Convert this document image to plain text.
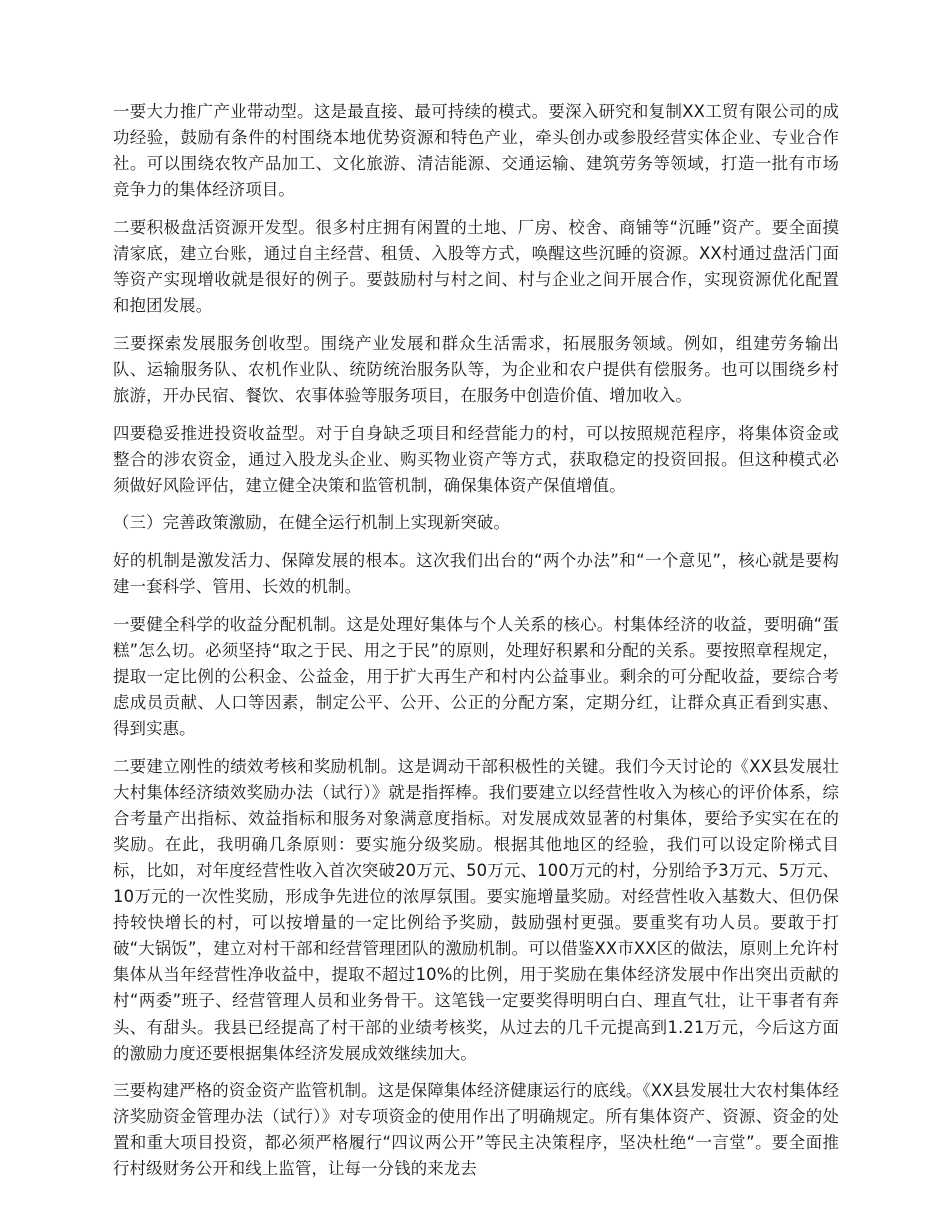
一要大力推广产业带动型。这是最直接、最可持续的模式。要深入研究和复制XX工贸有限公司的成功经验，鼓励有条件的村围绕本地优势资源和特色产业，牵头创办或参股经营实体企业、专业合作社。可以围绕农牧产品加工、文化旅游、清洁能源、交通运输、建筑劳务等领域，打造一批有市场竞争力的集体经济项目。

二要积极盘活资源开发型。很多村庄拥有闲置的土地、厂房、校舍、商铺等“沉睡”资产。要全面摸清家底，建立台账，通过自主经营、租赁、入股等方式，唤醒这些沉睡的资源。XX村通过盘活门面等资产实现增收就是很好的例子。要鼓励村与村之间、村与企业之间开展合作，实现资源优化配置和抱团发展。

三要探索发展服务创收型。围绕产业发展和群众生活需求，拓展服务领域。例如，组建劳务输出队、运输服务队、农机作业队、统防统治服务队等，为企业和农户提供有偿服务。也可以围绕乡村旅游，开办民宿、餐饮、农事体验等服务项目，在服务中创造价值、增加收入。

四要稳妥推进投资收益型。对于自身缺乏项目和经营能力的村，可以按照规范程序，将集体资金或整合的涉农资金，通过入股龙头企业、购买物业资产等方式，获取稳定的投资回报。但这种模式必须做好风险评估，建立健全决策和监管机制，确保集体资产保值增值。

（三）完善政策激励，在健全运行机制上实现新突破。

好的机制是激发活力、保障发展的根本。这次我们出台的“两个办法”和“一个意见”，核心就是要构建一套科学、管用、长效的机制。

一要健全科学的收益分配机制。这是处理好集体与个人关系的核心。村集体经济的收益，要明确“蛋糕”怎么切。必须坚持“取之于民、用之于民”的原则，处理好积累和分配的关系。要按照章程规定，提取一定比例的公积金、公益金，用于扩大再生产和村内公益事业。剩余的可分配收益，要综合考虑成员贡献、人口等因素，制定公平、公开、公正的分配方案，定期分红，让群众真正看到实惠、得到实惠。

二要建立刚性的绩效考核和奖励机制。这是调动干部积极性的关键。我们今天讨论的《XX县发展壮大村集体经济绩效奖励办法（试行）》就是指挥棒。我们要建立以经营性收入为核心的评价体系，综合考量产出指标、效益指标和服务对象满意度指标。对发展成效显著的村集体，要给予实实在在的奖励。在此，我明确几条原则：要实施分级奖励。根据其他地区的经验，我们可以设定阶梯式目标，比如，对年度经营性收入首次突破20万元、50万元、100万元的村，分别给予3万元、5万元、10万元的一次性奖励，形成争先进位的浓厚氛围。要实施增量奖励。对经营性收入基数大、但仍保持较快增长的村，可以按增量的一定比例给予奖励，鼓励强村更强。要重奖有功人员。要敢于打破“大锅饭”，建立对村干部和经营管理团队的激励机制。可以借鉴XX市XX区的做法，原则上允许村集体从当年经营性净收益中，提取不超过10%的比例，用于奖励在集体经济发展中作出突出贡献的村“两委”班子、经营管理人员和业务骨干。这笔钱一定要奖得明明白白、理直气壮，让干事者有奔头、有甜头。我县已经提高了村干部的业绩考核奖，从过去的几千元提高到1.21万元，今后这方面的激励力度还要根据集体经济发展成效继续加大。

三要构建严格的资金资产监管机制。这是保障集体经济健康运行的底线。《XX县发展壮大农村集体经济奖励资金管理办法（试行）》对专项资金的使用作出了明确规定。所有集体资产、资源、资金的处置和重大项目投资，都必须严格履行“四议两公开”等民主决策程序，坚决杜绝“一言堂”。要全面推行村级财务公开和线上监管，让每一分钱的来龙去
